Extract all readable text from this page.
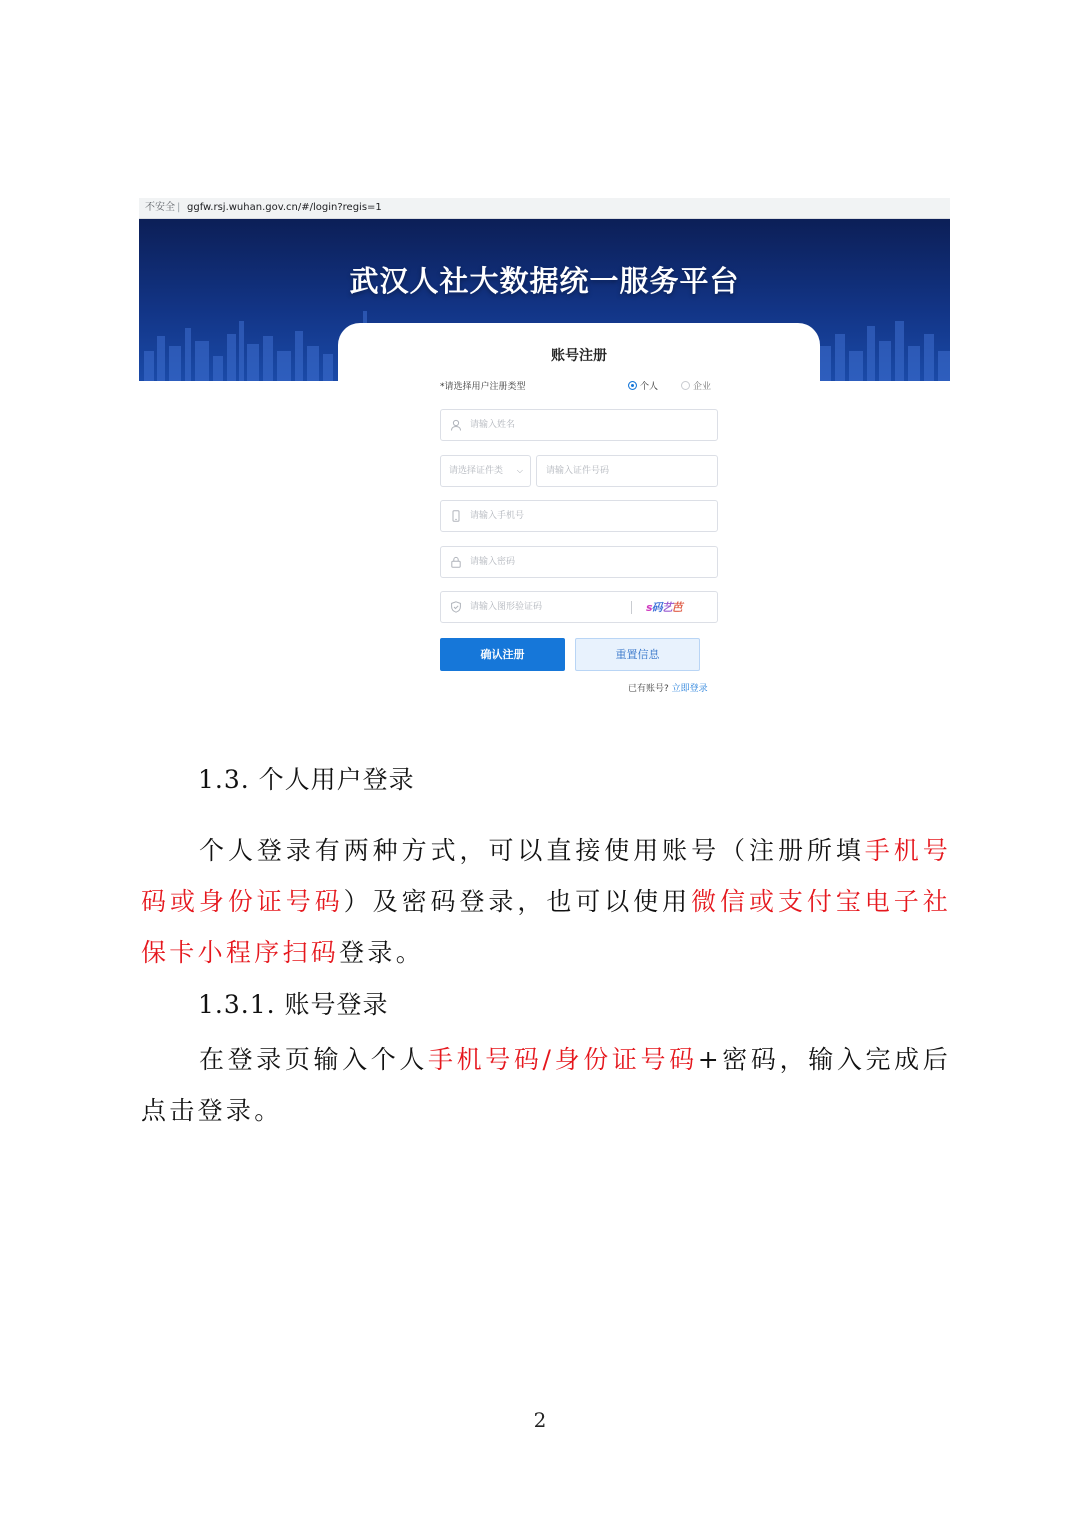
不安全 | ggfw.rsj.wuhan.gov.cn/#/login?regis=1
武汉人社大数据统一服务平台
账号注册
*请选择用户注册类型	个人	企业
请输入姓名
请选择证件类 ⌵	请输入证件号码
请输入手机号
请输入密码
请输入图形验证码	s码艺芭
确认注册	重置信息
已有账号? 立即登录
1.3. 个人用户登录

个人登录有两种方式，可以直接使用账号（注册所填手机号码或身份证号码）及密码登录，也可以使用微信或支付宝电子社保卡小程序扫码登录。

1.3.1. 账号登录

在登录页输入个人手机号码/身份证号码+密码，输入完成后点击登录。

2
